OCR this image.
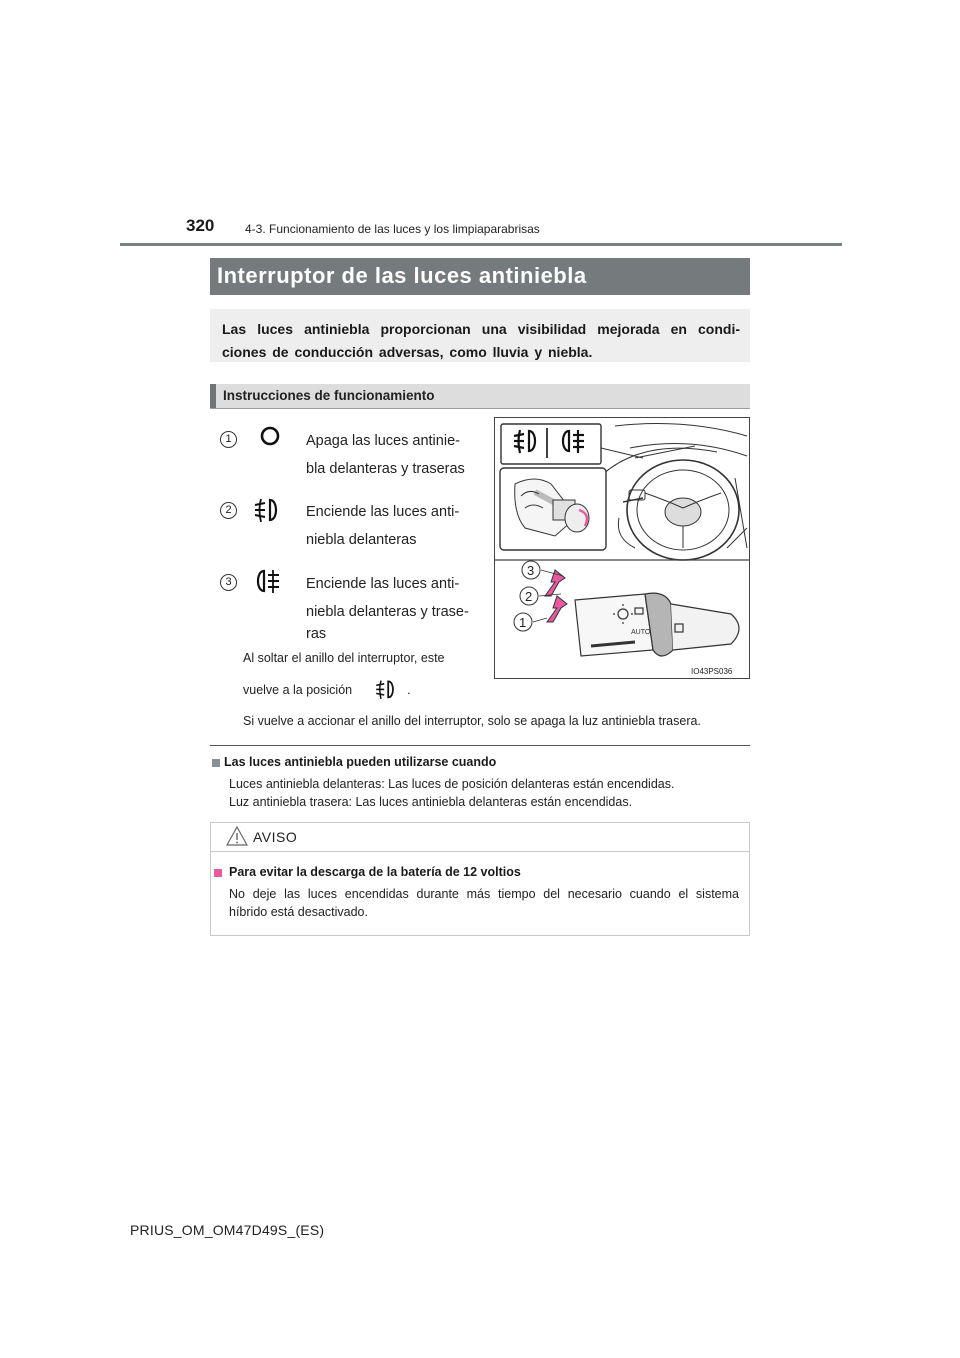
320	4-3. Funcionamiento de las luces y los limpiaparabrisas
Interruptor de las luces antiniebla
Las luces antiniebla proporcionan una visibilidad mejorada en condi-
ciones de conducción adversas, como lluvia y niebla.
Instrucciones de funcionamiento
1	Apaga las luces antinie-
bla delanteras y traseras
2	Enciende las luces anti-
niebla delanteras
3	Enciende las luces anti-
niebla delanteras y trase-
ras
Al soltar el anillo del interruptor, este
vuelve a la posición	.
Si vuelve a accionar el anillo del interruptor, solo se apaga la luz antiniebla trasera.
AUTO
3
2
1
IO43PS036
Las luces antiniebla pueden utilizarse cuando
Luces antiniebla delanteras: Las luces de posición delanteras están encendidas.
Luz antiniebla trasera: Las luces antiniebla delanteras están encendidas.
AVISO
Para evitar la descarga de la batería de 12 voltios
No deje las luces encendidas durante más tiempo del necesario cuando el sistema
híbrido está desactivado.
PRIUS_OM_OM47D49S_(ES)
